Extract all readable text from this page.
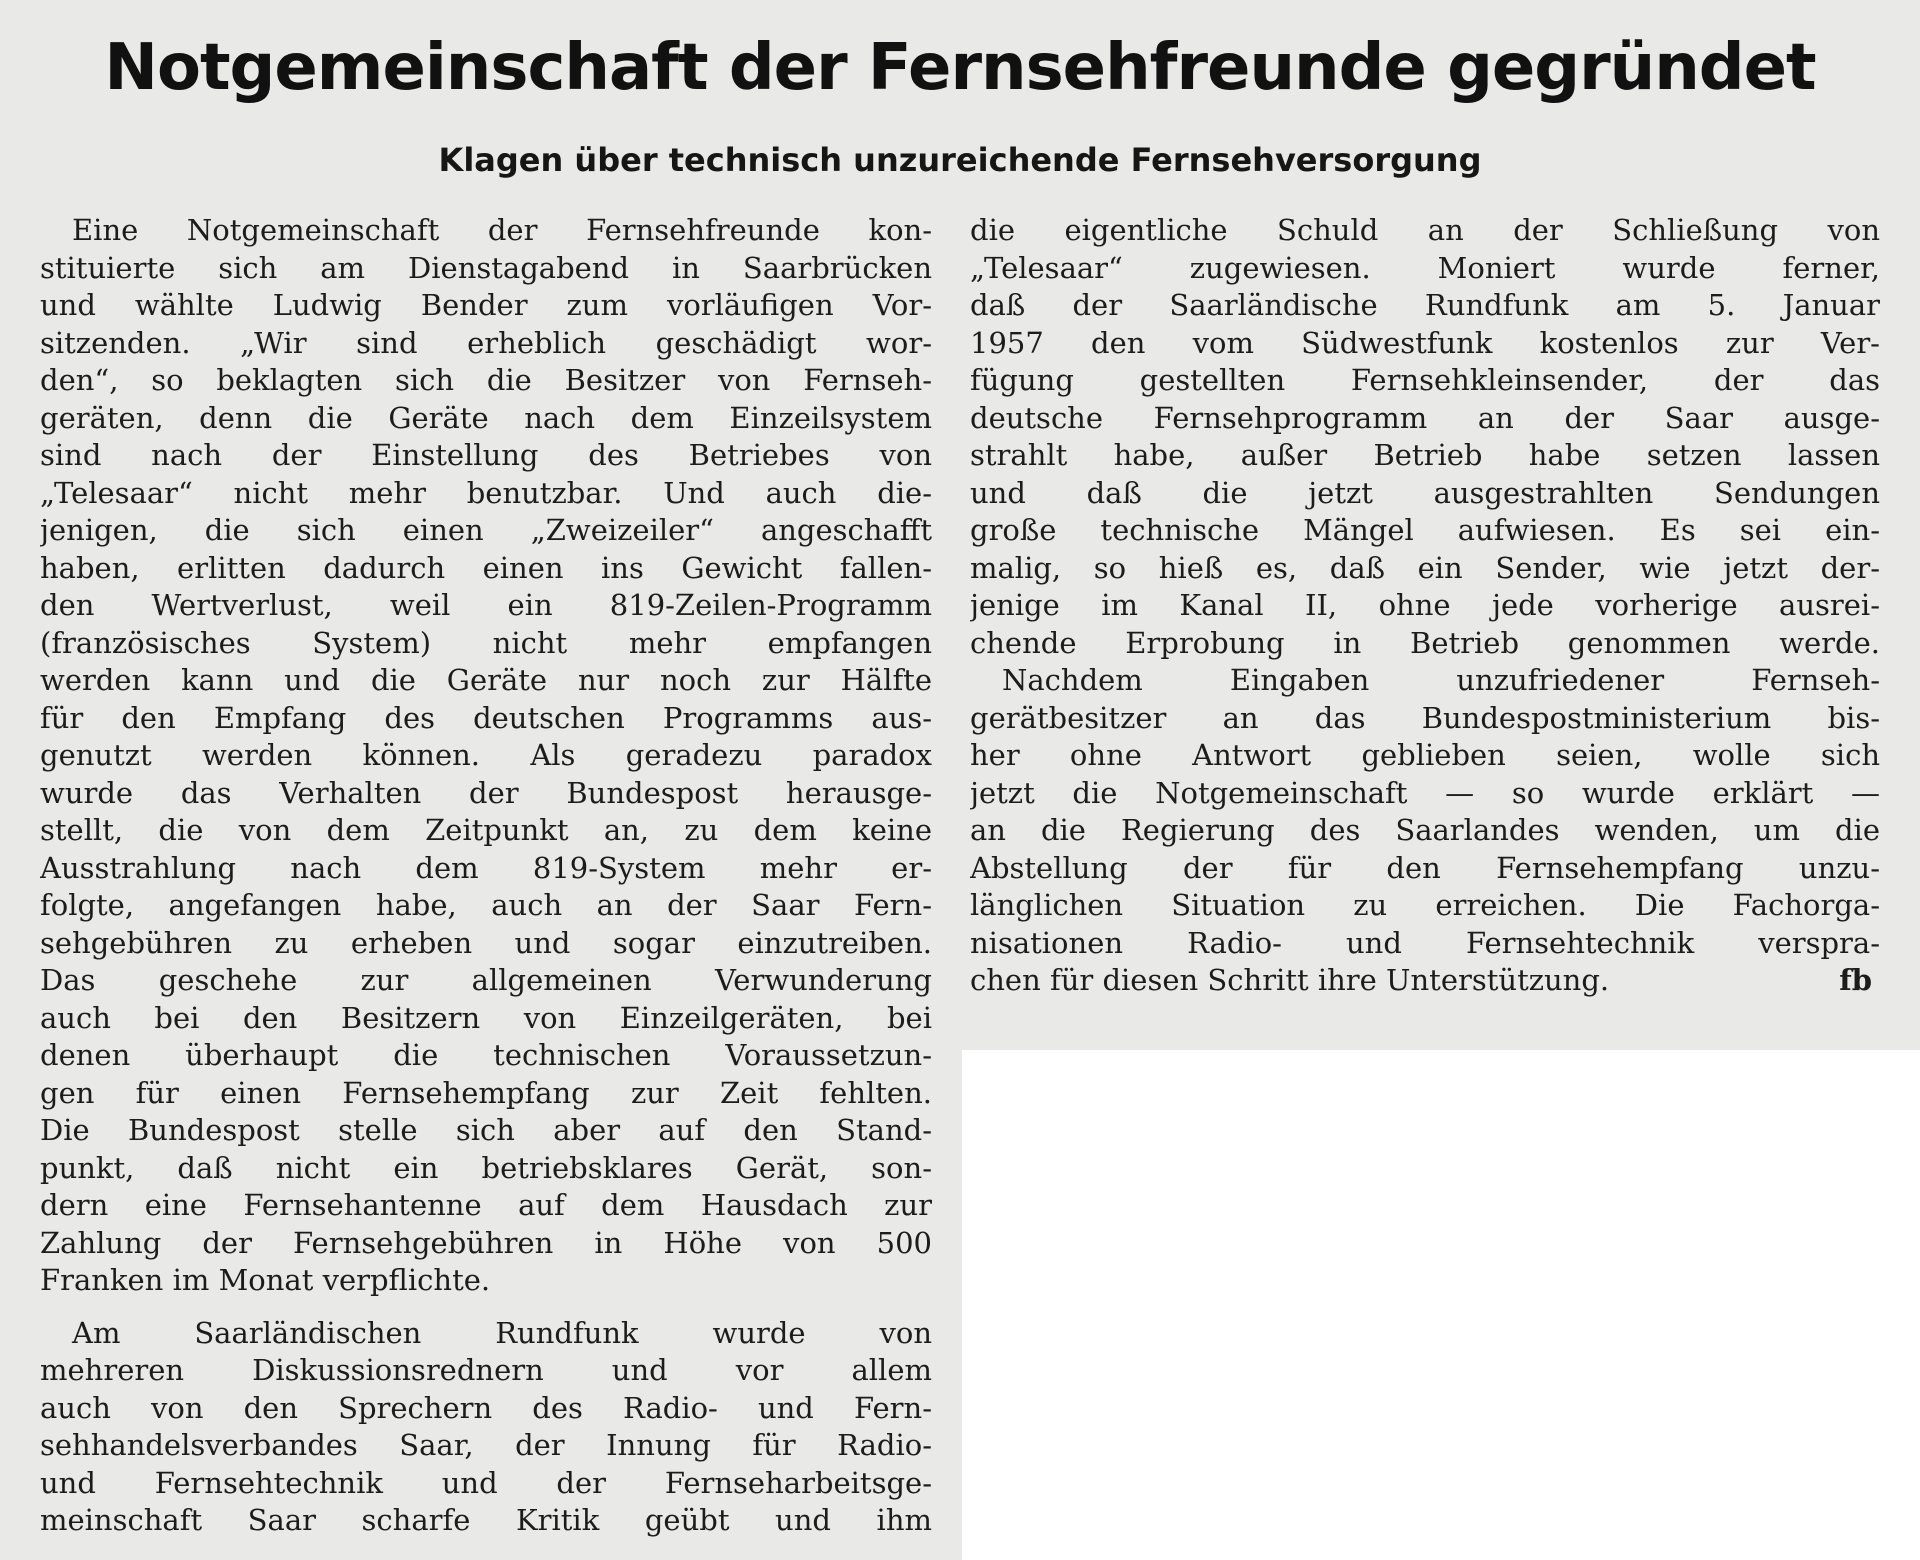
Notgemeinschaft der Fernsehfreunde gegründet
Klagen über technisch unzureichende Fernsehversorgung
Eine Notgemeinschaft der Fernsehfreunde kon-
stituierte sich am Dienstagabend in Saarbrücken
und wählte Ludwig Bender zum vorläufigen Vor-
sitzenden. „Wir sind erheblich geschädigt wor-
den“, so beklagten sich die Besitzer von Fernseh-
geräten, denn die Geräte nach dem Einzeilsystem
sind nach der Einstellung des Betriebes von
„Telesaar“ nicht mehr benutzbar. Und auch die-
jenigen, die sich einen „Zweizeiler“ angeschafft
haben, erlitten dadurch einen ins Gewicht fallen-
den Wertverlust, weil ein 819-Zeilen-Programm
(französisches System) nicht mehr empfangen
werden kann und die Geräte nur noch zur Hälfte
für den Empfang des deutschen Programms aus-
genutzt werden können. Als geradezu paradox
wurde das Verhalten der Bundespost herausge-
stellt, die von dem Zeitpunkt an, zu dem keine
Ausstrahlung nach dem 819-System mehr er-
folgte, angefangen habe, auch an der Saar Fern-
sehgebühren zu erheben und sogar einzutreiben.
Das geschehe zur allgemeinen Verwunderung
auch bei den Besitzern von Einzeilgeräten, bei
denen überhaupt die technischen Voraussetzun-
gen für einen Fernsehempfang zur Zeit fehlten.
Die Bundespost stelle sich aber auf den Stand-
punkt, daß nicht ein betriebsklares Gerät, son-
dern eine Fernsehantenne auf dem Hausdach zur
Zahlung der Fernsehgebühren in Höhe von 500
Franken im Monat verpflichte.
Am Saarländischen Rundfunk wurde von
mehreren Diskussionsrednern und vor allem
auch von den Sprechern des Radio- und Fern-
sehhandelsverbandes Saar, der Innung für Radio-
und Fernsehtechnik und der Fernseharbeitsge-
meinschaft Saar scharfe Kritik geübt und ihm
die eigentliche Schuld an der Schließung von
„Telesaar“ zugewiesen. Moniert wurde ferner,
daß der Saarländische Rundfunk am 5. Januar
1957 den vom Südwestfunk kostenlos zur Ver-
fügung gestellten Fernsehkleinsender, der das
deutsche Fernsehprogramm an der Saar ausge-
strahlt habe, außer Betrieb habe setzen lassen
und daß die jetzt ausgestrahlten Sendungen
große technische Mängel aufwiesen. Es sei ein-
malig, so hieß es, daß ein Sender, wie jetzt der-
jenige im Kanal II, ohne jede vorherige ausrei-
chende Erprobung in Betrieb genommen werde.
Nachdem Eingaben unzufriedener Fernseh-
gerätbesitzer an das Bundespostministerium bis-
her ohne Antwort geblieben seien, wolle sich
jetzt die Notgemeinschaft — so wurde erklärt —
an die Regierung des Saarlandes wenden, um die
Abstellung der für den Fernsehempfang unzu-
länglichen Situation zu erreichen. Die Fachorga-
nisationen Radio- und Fernsehtechnik verspra-
chen für diesen Schritt ihre Unterstützung.	fb
